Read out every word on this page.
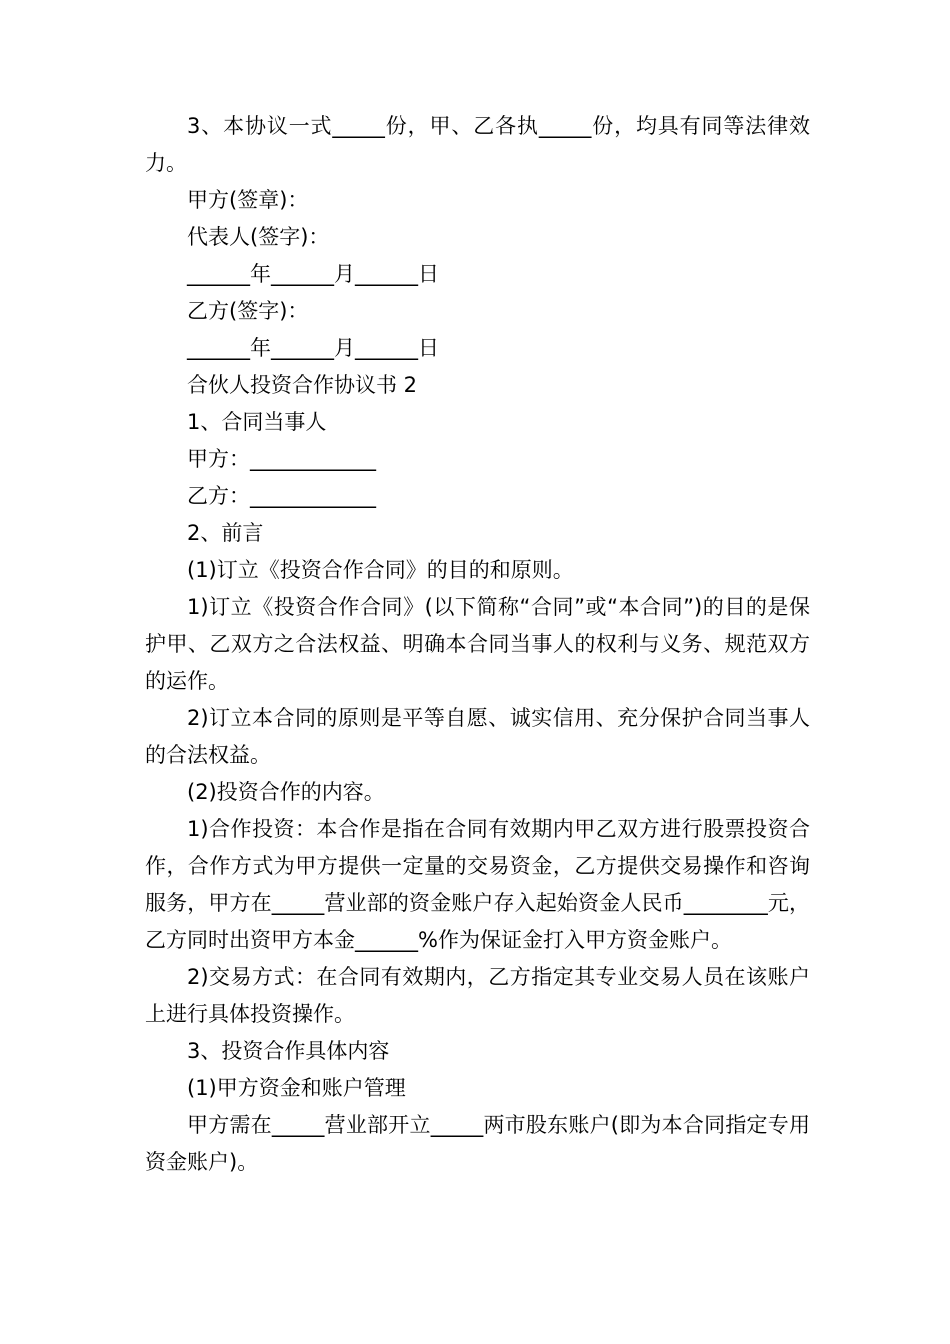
3、本协议一式_____份，甲、乙各执_____份，均具有同等法律效力。

甲方(签章)：

代表人(签字)：

______年______月______日

乙方(签字)：

______年______月______日

合伙人投资合作协议书 2

1、合同当事人

甲方：____________

乙方：____________

2、前言

(1)订立《投资合作合同》的目的和原则。

1)订立《投资合作合同》(以下简称“合同”或“本合同”)的目的是保护甲、乙双方之合法权益、明确本合同当事人的权利与义务、规范双方的运作。

2)订立本合同的原则是平等自愿、诚实信用、充分保护合同当事人的合法权益。

(2)投资合作的内容。

1)合作投资：本合作是指在合同有效期内甲乙双方进行股票投资合作，合作方式为甲方提供一定量的交易资金，乙方提供交易操作和咨询服务，甲方在_____营业部的资金账户存入起始资金人民币________元，乙方同时出资甲方本金______%作为保证金打入甲方资金账户。

2)交易方式：在合同有效期内，乙方指定其专业交易人员在该账户上进行具体投资操作。

3、投资合作具体内容

(1)甲方资金和账户管理

甲方需在_____营业部开立_____两市股东账户(即为本合同指定专用资金账户)。
